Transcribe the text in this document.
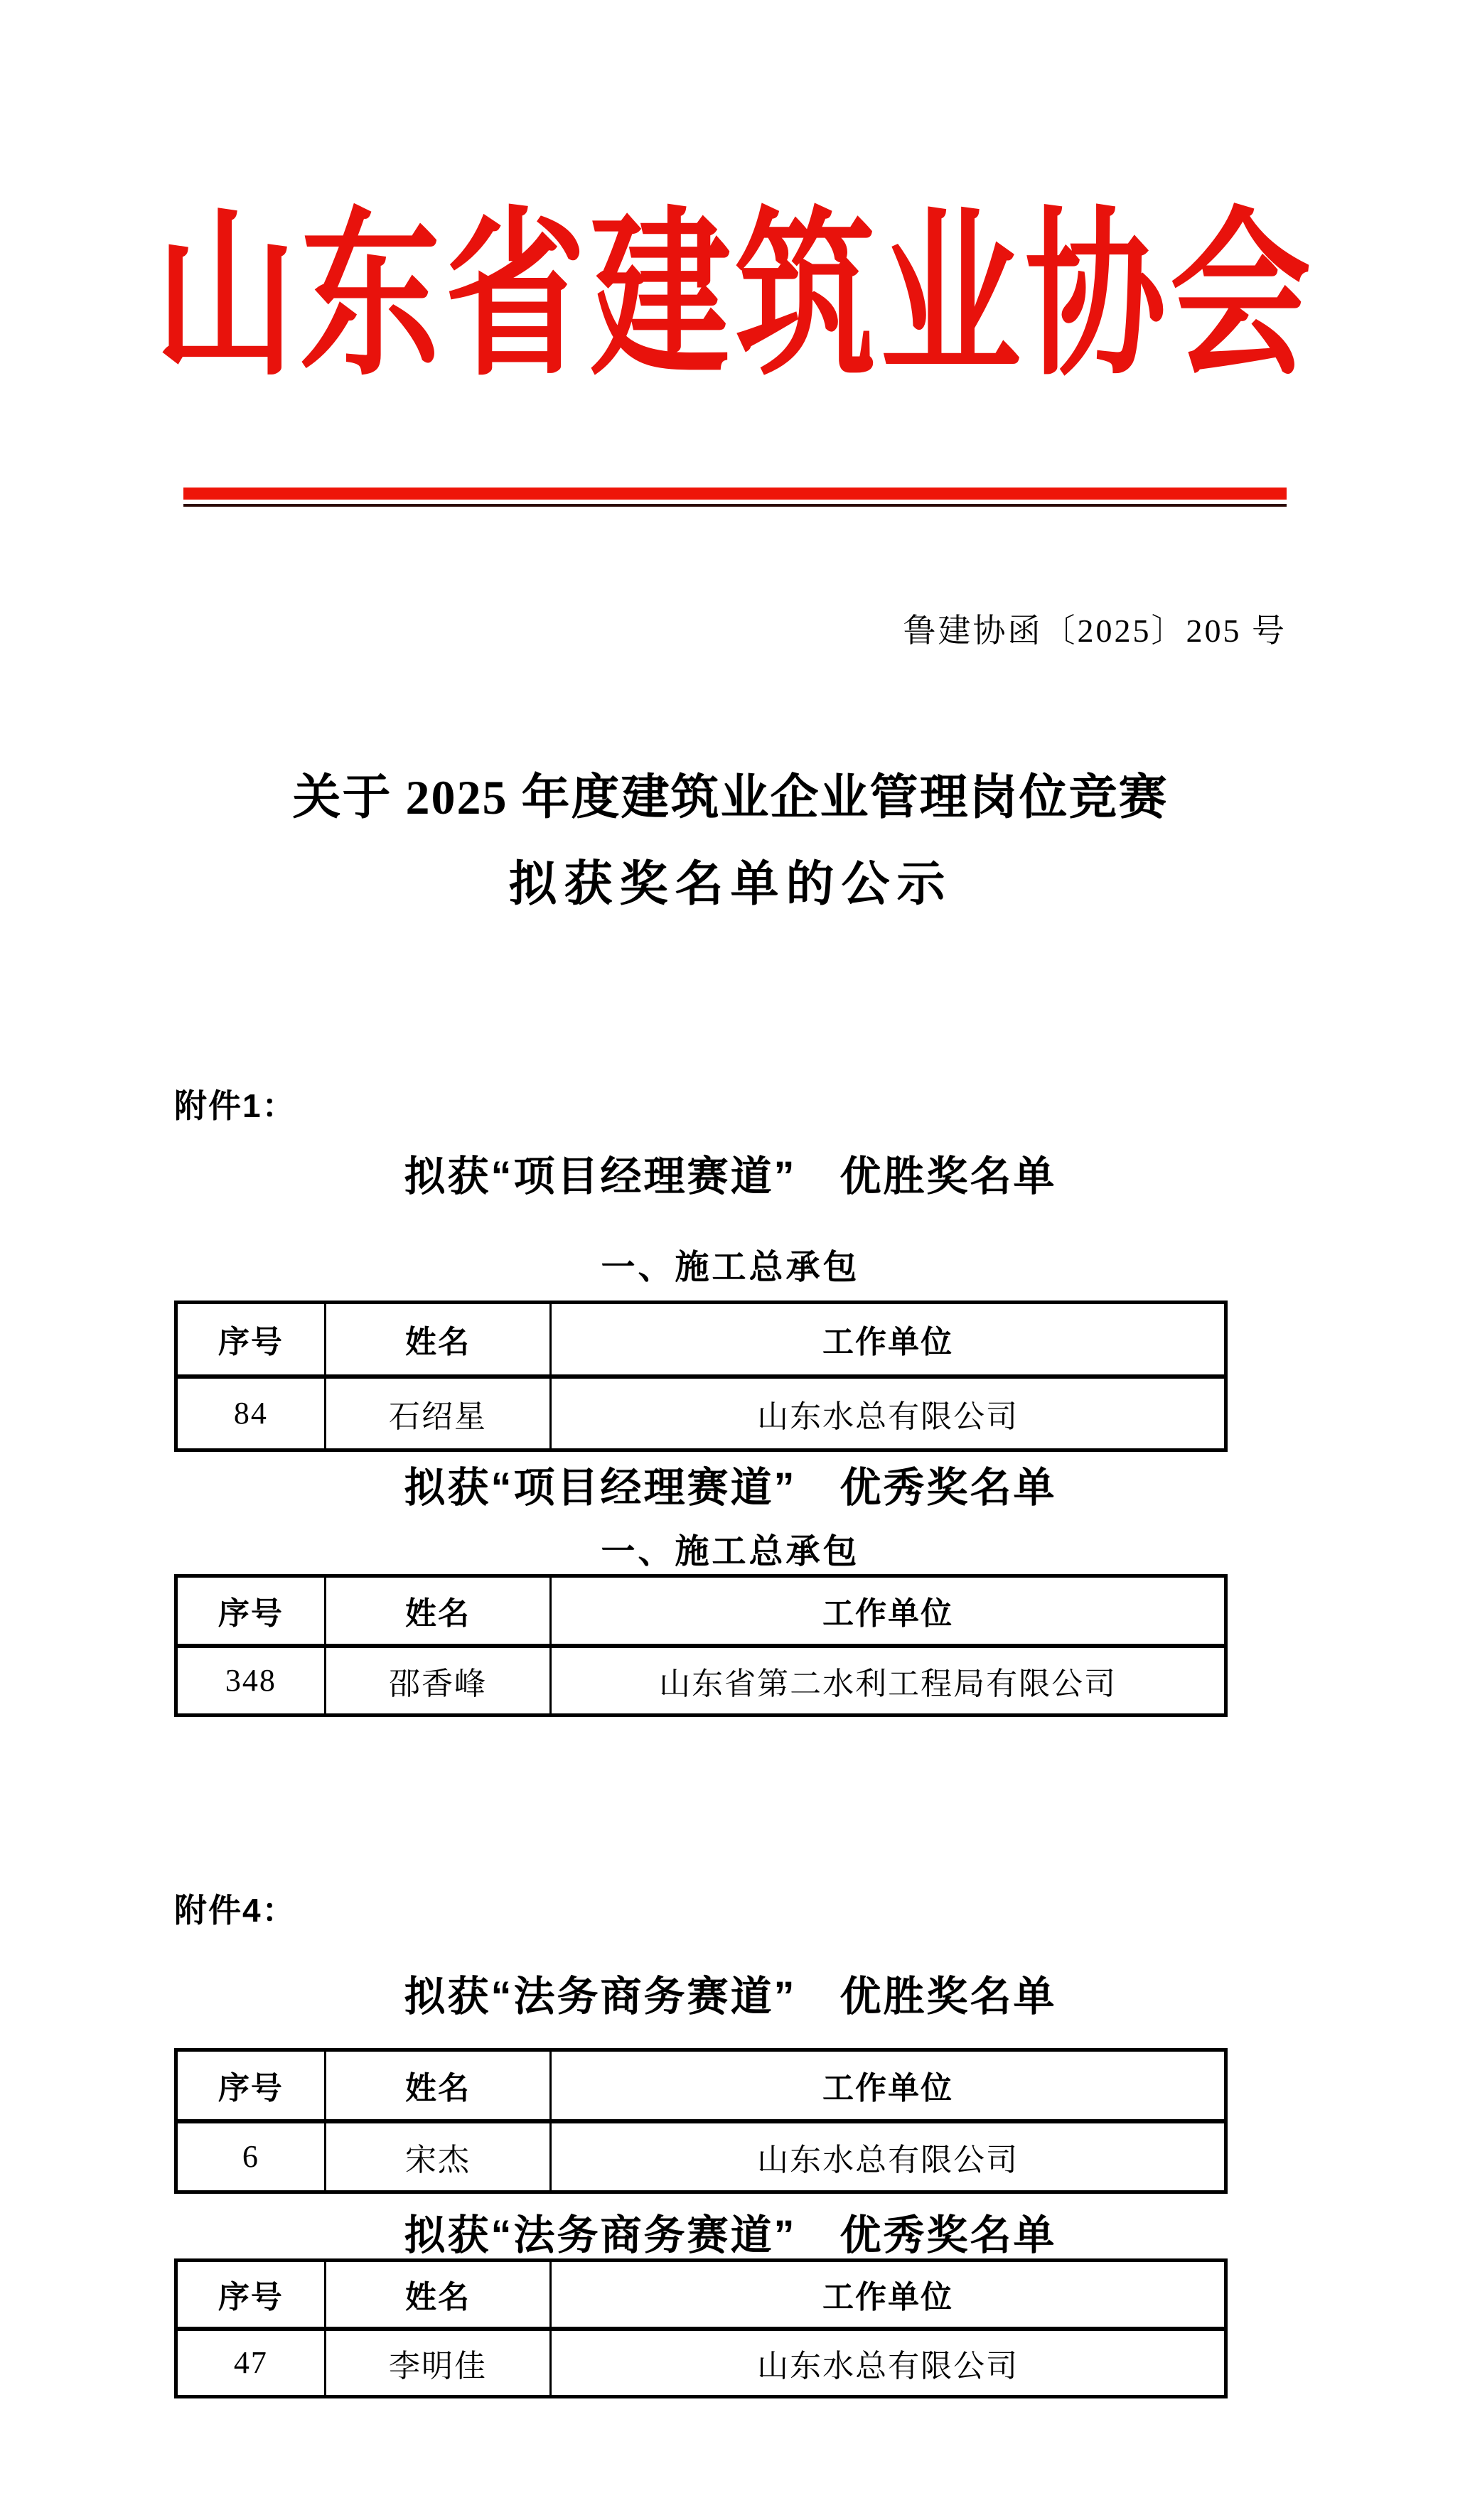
山东省建筑业协会
鲁建协函〔2025〕205 号
关于 2025 年度建筑业企业管理岗位竞赛
拟获奖名单的公示
附件1：
拟获“项目经理赛道”　优胜奖名单
一、施工总承包
序号	姓名	工作单位
84	石绍星	山东水总有限公司
拟获“项目经理赛道”　优秀奖名单
一、施工总承包
序号	姓名	工作单位
348	邵香峰	山东省第二水利工程局有限公司
附件4：
拟获“法务商务赛道”　优胜奖名单
序号	姓名	工作单位
6	宋杰	山东水总有限公司
拟获“法务商务赛道”　优秀奖名单
序号	姓名	工作单位
47	李明佳	山东水总有限公司
